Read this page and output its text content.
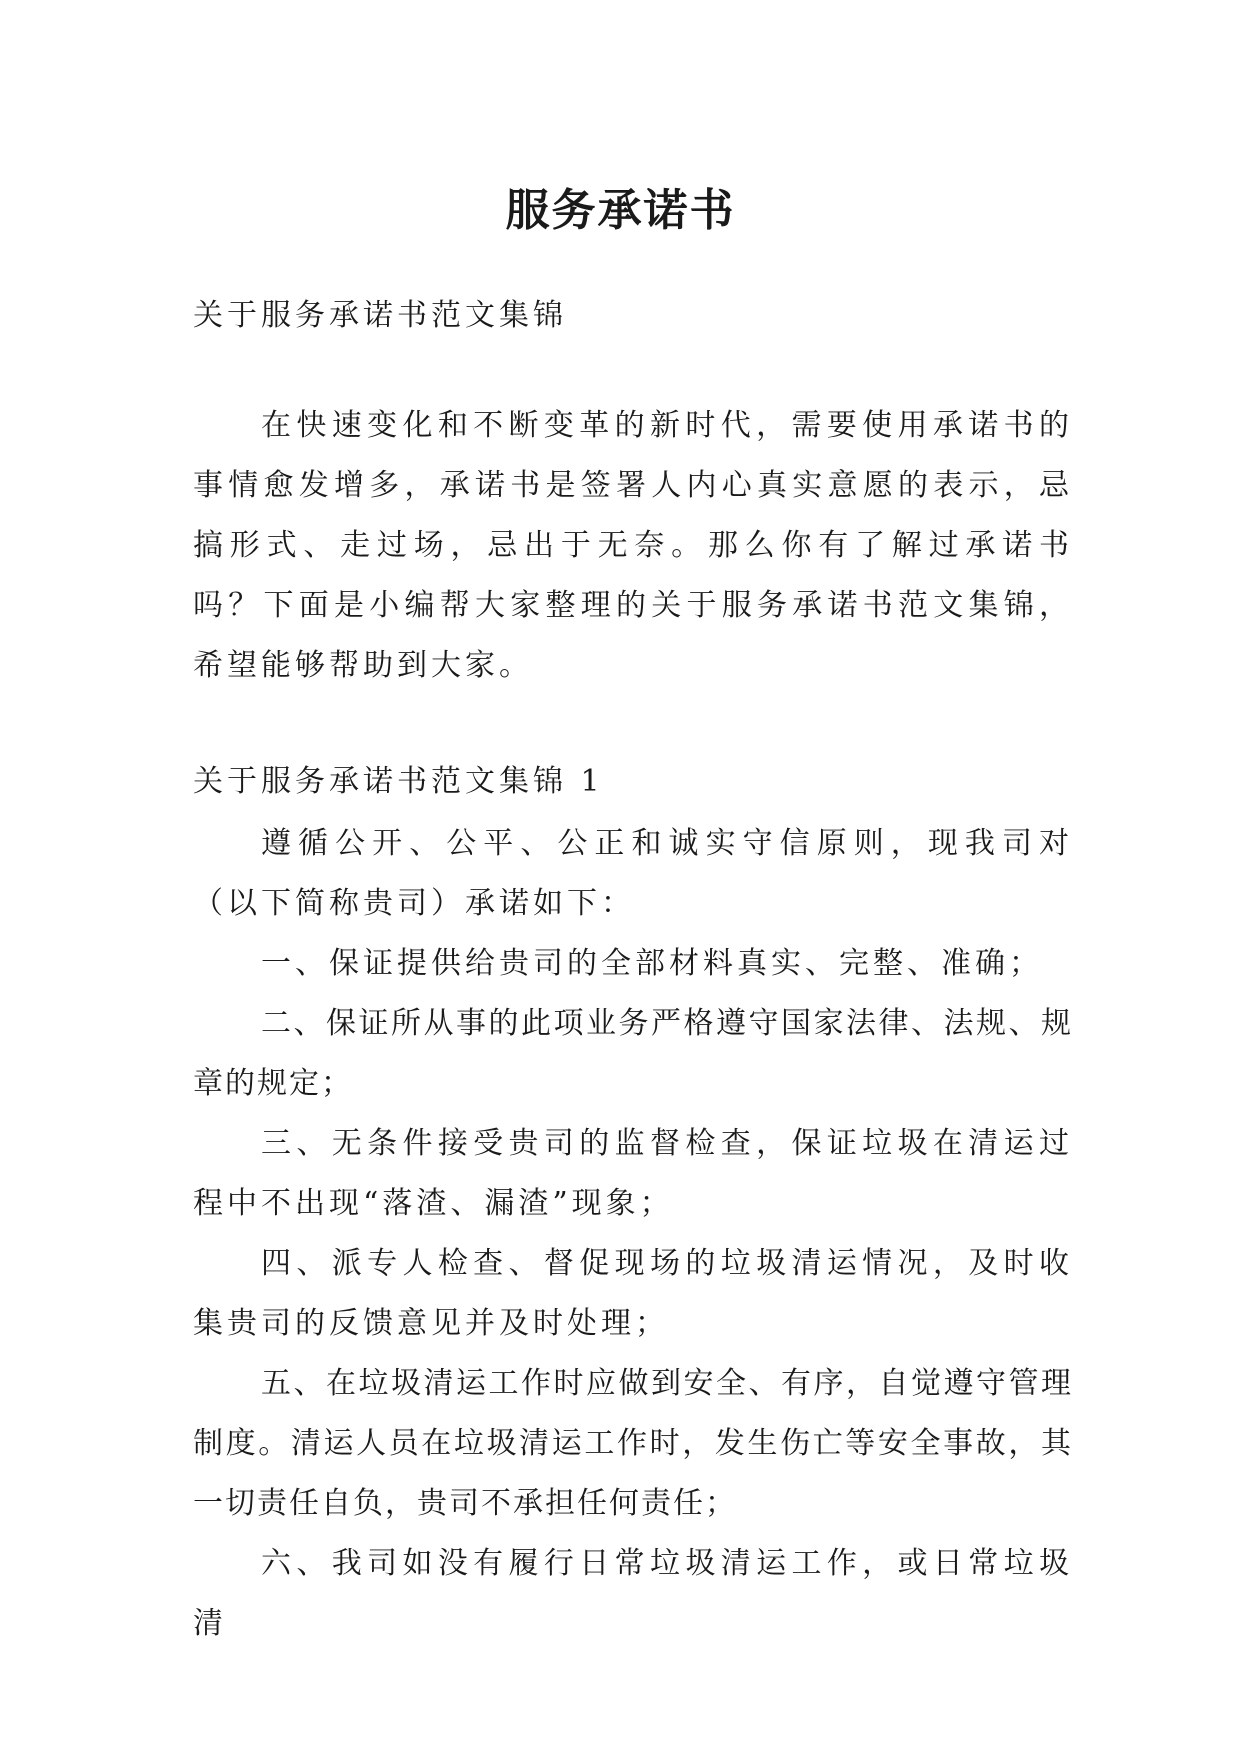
服务承诺书

关于服务承诺书范文集锦

在快速变化和不断变革的新时代，需要使用承诺书的事情愈发增多，承诺书是签署人内心真实意愿的表示，忌搞形式、走过场，忌出于无奈。那么你有了解过承诺书吗？下面是小编帮大家整理的关于服务承诺书范文集锦，希望能够帮助到大家。

关于服务承诺书范文集锦 1

遵循公开、公平、公正和诚实守信原则，现我司对（以下简称贵司）承诺如下：

一、保证提供给贵司的全部材料真实、完整、准确；

二、保证所从事的此项业务严格遵守国家法律、法规、规章的规定；

三、无条件接受贵司的监督检查，保证垃圾在清运过程中不出现“落渣、漏渣”现象；

四、派专人检查、督促现场的垃圾清运情况，及时收集贵司的反馈意见并及时处理；

五、在垃圾清运工作时应做到安全、有序，自觉遵守管理制度。清运人员在垃圾清运工作时，发生伤亡等安全事故，其一切责任自负，贵司不承担任何责任；

六、我司如没有履行日常垃圾清运工作，或日常垃圾清
